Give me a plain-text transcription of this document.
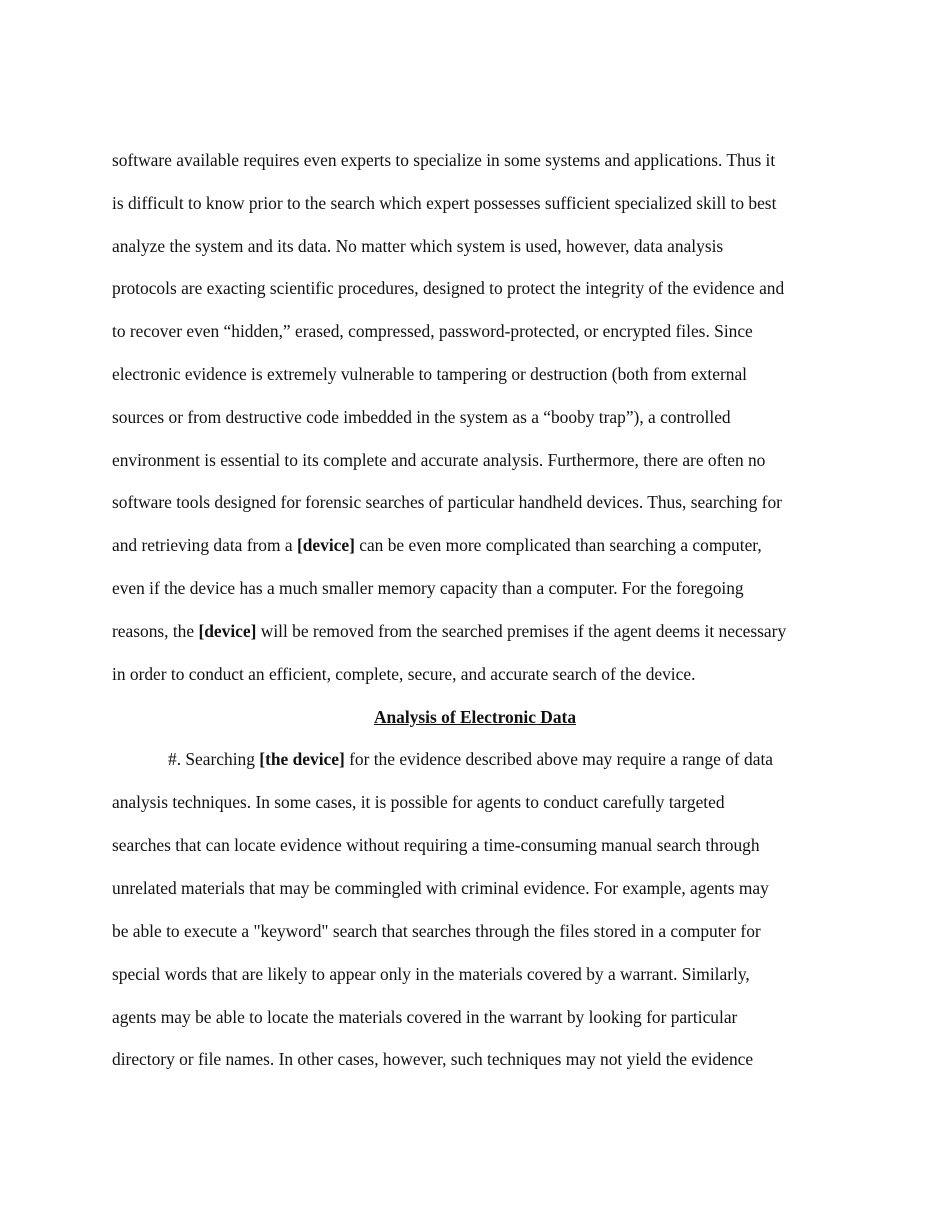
software available requires even experts to specialize in some systems and applications. Thus it
is difficult to know prior to the search which expert possesses sufficient specialized skill to best
analyze the system and its data. No matter which system is used, however, data analysis
protocols are exacting scientific procedures, designed to protect the integrity of the evidence and
to recover even “hidden,” erased, compressed, password-protected, or encrypted files. Since
electronic evidence is extremely vulnerable to tampering or destruction (both from external
sources or from destructive code imbedded in the system as a “booby trap”), a controlled
environment is essential to its complete and accurate analysis. Furthermore, there are often no
software tools designed for forensic searches of particular handheld devices. Thus, searching for
and retrieving data from a [device] can be even more complicated than searching a computer,
even if the device has a much smaller memory capacity than a computer. For the foregoing
reasons, the [device] will be removed from the searched premises if the agent deems it necessary
in order to conduct an efficient, complete, secure, and accurate search of the device.
Analysis of Electronic Data
#. Searching [the device] for the evidence described above may require a range of data
analysis techniques. In some cases, it is possible for agents to conduct carefully targeted
searches that can locate evidence without requiring a time-consuming manual search through
unrelated materials that may be commingled with criminal evidence. For example, agents may
be able to execute a "keyword" search that searches through the files stored in a computer for
special words that are likely to appear only in the materials covered by a warrant. Similarly,
agents may be able to locate the materials covered in the warrant by looking for particular
directory or file names. In other cases, however, such techniques may not yield the evidence
